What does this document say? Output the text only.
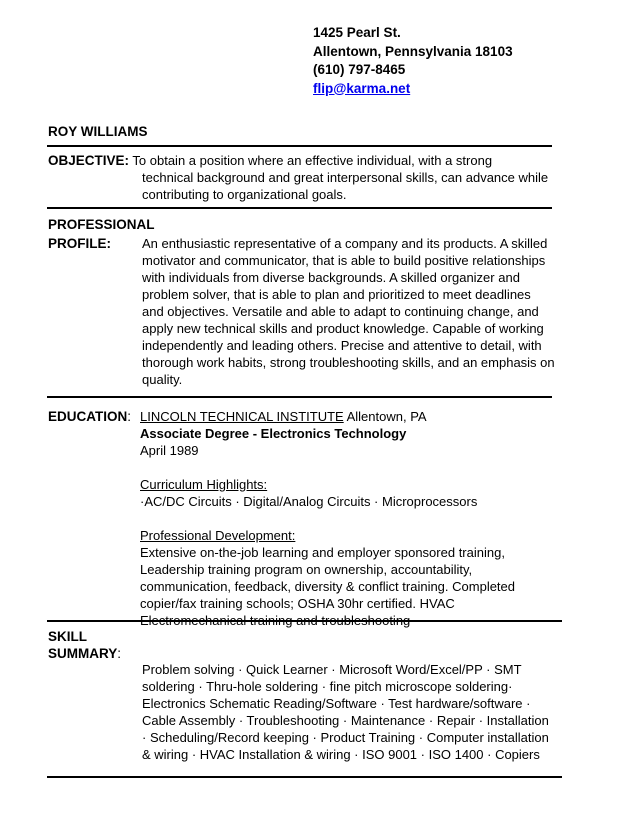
1425 Pearl St.
Allentown, Pennsylvania 18103
(610) 797-8465
flip@karma.net
ROY WILLIAMS
OBJECTIVE: To obtain a position where an effective individual, with a strong
technical background and great interpersonal skills, can advance while
contributing to organizational goals.
PROFESSIONAL
PROFILE: An enthusiastic representative of a company and its products. A skilled
motivator and communicator, that is able to build positive relationships
with individuals from diverse backgrounds. A skilled organizer and
problem solver, that is able to plan and prioritized to meet deadlines
and objectives. Versatile and able to adapt to continuing change, and
apply new technical skills and product knowledge. Capable of working
independently and leading others. Precise and attentive to detail, with
thorough work habits, strong troubleshooting skills, and an emphasis on
quality.
EDUCATION: LINCOLN TECHNICAL INSTITUTE Allentown, PA
Associate Degree - Electronics Technology
April 1989
Curriculum Highlights:
·AC/DC Circuits · Digital/Analog Circuits · Microprocessors
Professional Development:
Extensive on-the-job learning and employer sponsored training,
Leadership training program on ownership, accountability,
communication, feedback, diversity & conflict training. Completed
copier/fax training schools; OSHA 30hr certified. HVAC
Electromechanical training and troubleshooting
SKILL
SUMMARY:
Problem solving · Quick Learner · Microsoft Word/Excel/PP · SMT
soldering · Thru-hole soldering · fine pitch microscope soldering·
Electronics Schematic Reading/Software · Test hardware/software ·
Cable Assembly · Troubleshooting · Maintenance · Repair · Installation
· Scheduling/Record keeping · Product Training · Computer installation
& wiring · HVAC Installation & wiring · ISO 9001 · ISO 1400 · Copiers
